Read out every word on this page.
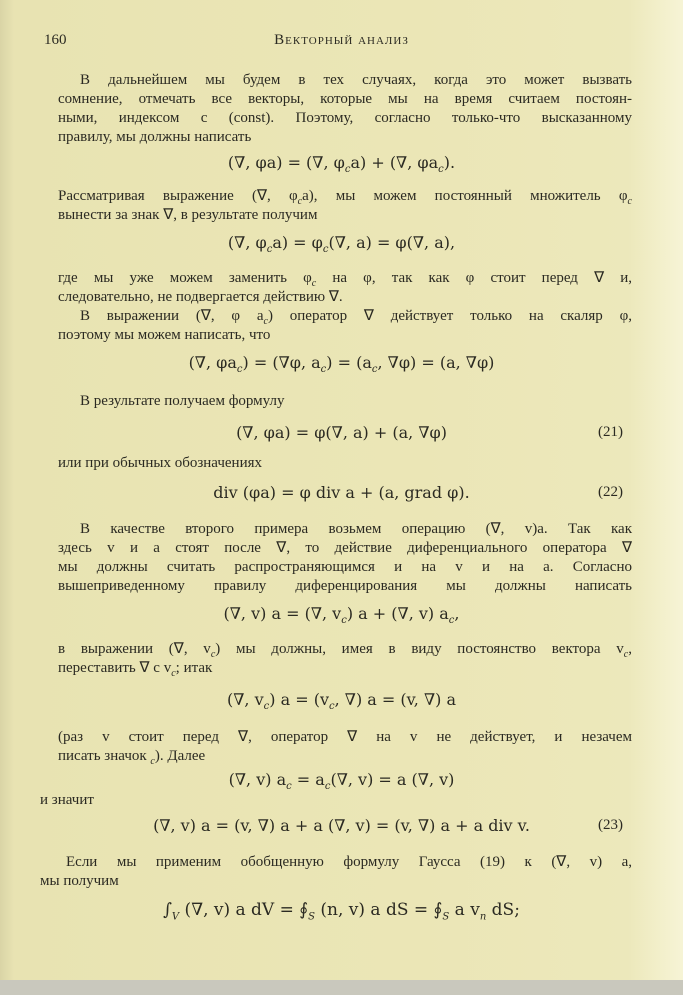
160	Векторный анализ
В дальнейшем мы будем в тех случаях, когда это может вызвать
сомнение, отмечать все векторы, которые мы на время считаем постоян-
ными, индексом c (const). Поэтому, согласно только-что высказанному
правилу, мы должны написать
(∇, φa) = (∇, $\varphi_ca$) + (∇, $\varphi a_c$).
Рассматривая выражение (∇, $\varphi_ca$), мы можем постоянный множитель $\varphi_c$
вынести за знак ∇, в результате получим
(∇, $\varphi_ca) = \varphi_c(\nabla$, a) = φ(∇, a),
где мы уже можем заменить $\varphi_c$ на φ, так как φ стоит перед ∇ и,
следовательно, не подвергается действию ∇.
В выражении (∇, φ $a_c$) оператор ∇ действует только на скаляр φ,
поэтому мы можем написать, что
(∇, $\varphi a_c) = (\nabla\varphi$, $a_c) = (a_c$, ∇φ) = (a, ∇φ)
В результате получаем формулу
(∇, φa) = φ(∇, a) + (a, ∇φ)	(21)
или при обычных обозначениях
div (φa) = φ div a + (a, grad φ).	(22)
В качестве второго примера возьмем операцию (∇, v)a. Так как
здесь v и a стоят после ∇, то действие диференциального оператора ∇
мы должны считать распространяющимся и на v и на a. Согласно
вышеприведенному правилу диференцирования мы должны написать
(∇, v) a = (∇, $v_c$) a + (∇, v) $a_c$,
в выражении (∇, $v_c$) мы должны, имея в виду постоянство вектора $v_c$,
переставить ∇ с $v_c$; итак
(∇, $v_c$) $a = (v_c$, ∇) a = (v, ∇) a
(раз v стоит перед ∇, оператор ∇ на v не действует, и незачем
писать значок $_c$). Далее
(∇, v) $a_c = a_c(\nabla$, v) = a (∇, v)
и значит
(∇, v) a = (v, ∇) a + a (∇, v) = (v, ∇) a + a div v.	(23)
Если мы применим обобщенную формулу Гаусса (19) к (∇, v) a,
мы получим
$\int_V$ (∇, v) a dV = $∮_S$ (n, v) a dS = $∮_S$ a $v_n$ dS;
